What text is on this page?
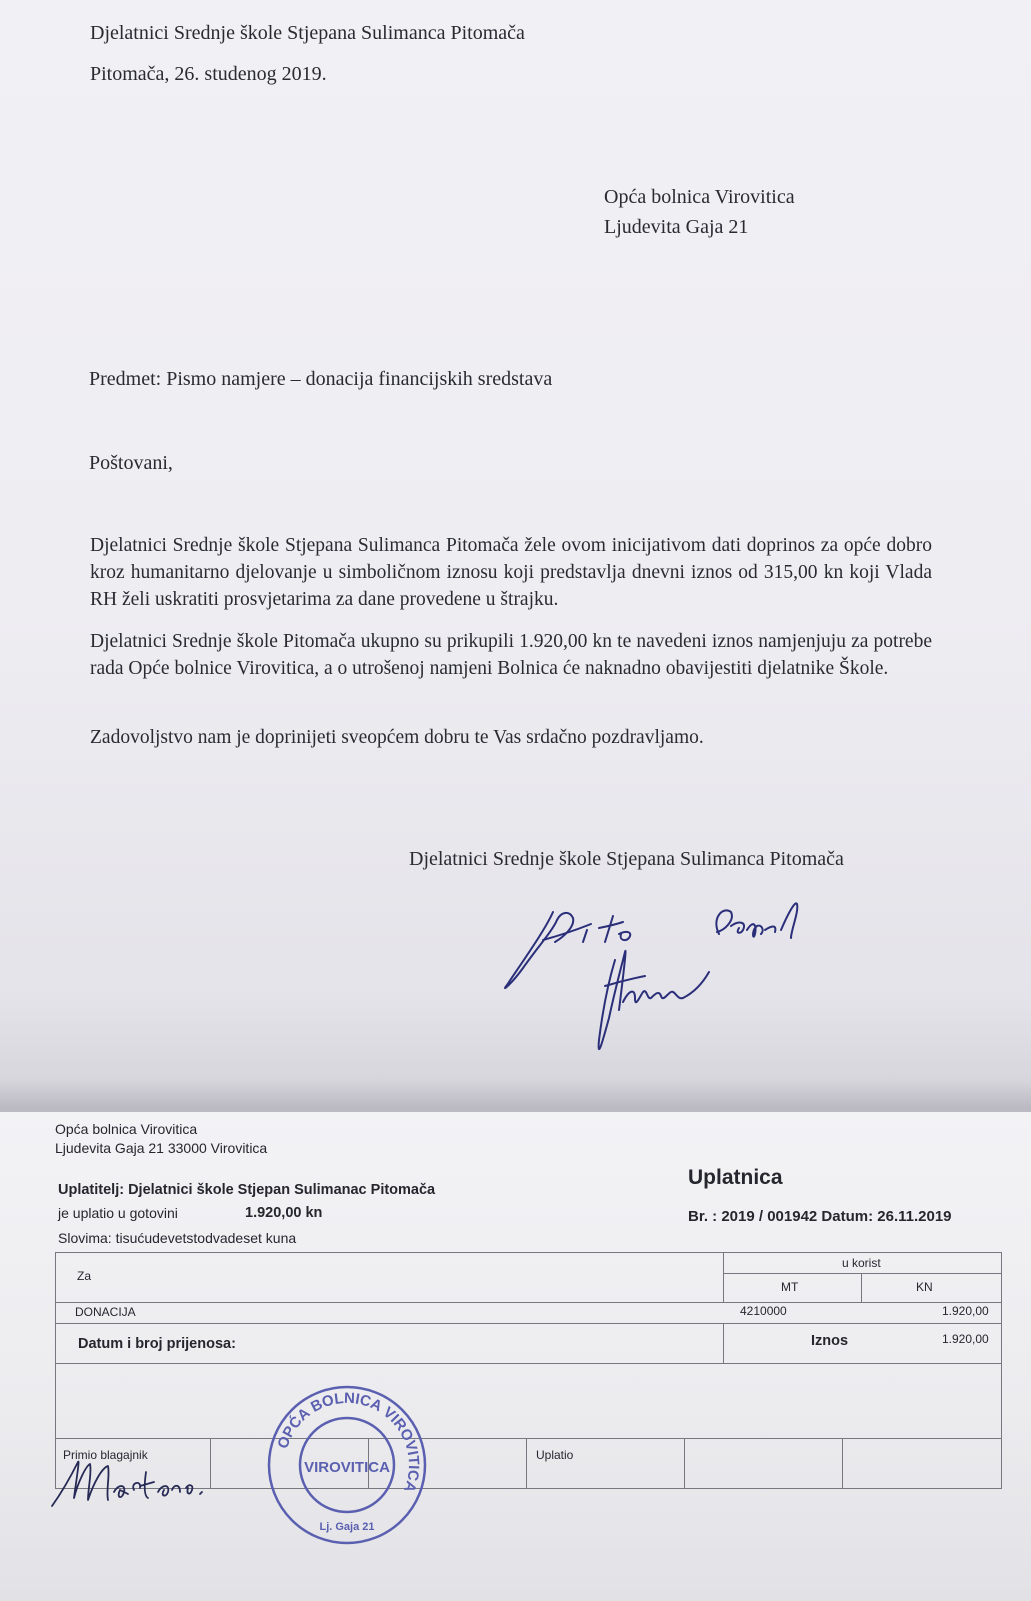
Djelatnici Srednje škole Stjepana Sulimanca Pitomača
Pitomača, 26. studenog 2019.
Opća bolnica Virovitica
Ljudevita Gaja 21
Predmet: Pismo namjere – donacija financijskih sredstava
Poštovani,
Djelatnici Srednje škole Stjepana Sulimanca Pitomača žele ovom inicijativom dati doprinos za opće dobro kroz humanitarno djelovanje u simboličnom iznosu koji predstavlja dnevni iznos od 315,00 kn koji Vlada RH želi uskratiti prosvjetarima za dane provedene u štrajku.
Djelatnici Srednje škole Pitomača ukupno su prikupili 1.920,00 kn te navedeni iznos namjenjuju za potrebe rada Opće bolnice Virovitica, a o utrošenoj namjeni Bolnica će naknadno obavijestiti djelatnike Škole.
Zadovoljstvo nam je doprinijeti sveopćem dobru te Vas srdačno pozdravljamo.
Djelatnici Srednje škole Stjepana Sulimanca Pitomača
Opća bolnica Virovitica
Ljudevita Gaja 21 33000 Virovitica
Uplatnica
Br. : 2019 / 001942 Datum: 26.11.2019
Uplatitelj: Djelatnici škole Stjepan Sulimanac Pitomača
je uplatio u gotovini	1.920,00 kn
Slovima: tisućudevetstodvadeset kuna
Za
u korist
MT	KN
DONACIJA	4210000	1.920,00
Datum i broj prijenosa:	Iznos	1.920,00
Primio blagajnik	Uplatio
OPĆA BOLNICA VIROVITICA
VIROVITICA
Lj. Gaja 21
